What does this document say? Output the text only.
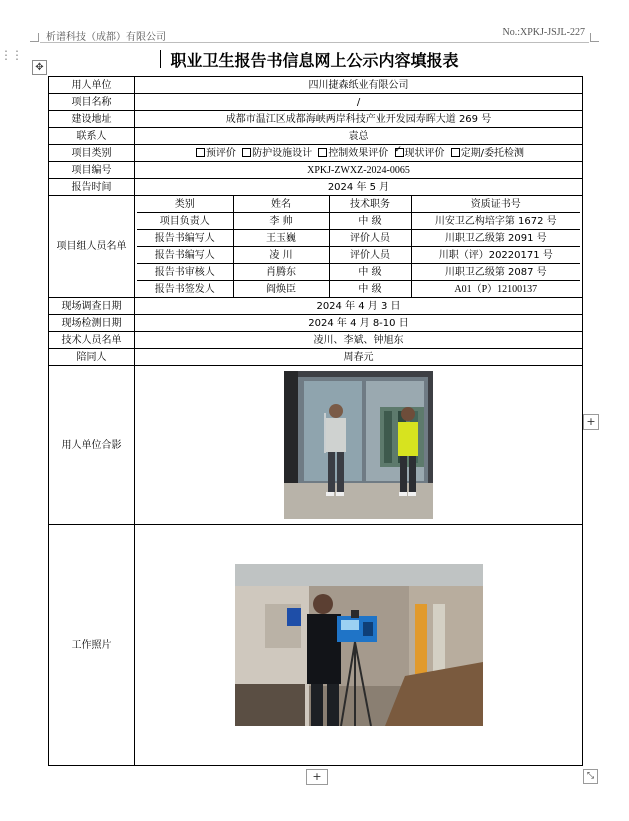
析谱科技（成都）有限公司	No.:XPKJ-JSJL-227
⋮⋮
✥	职业卫生报告书信息网上公示内容填报表
用人单位	四川捷森纸业有限公司
项目名称	/
建设地址	成都市温江区成都海峡两岸科技产业开发园寿晖大道 269 号
联系人	袁总
项目类别	预评价 防护设施设计 控制效果评价 ✓ 现状评价 定期/委托检测
项目编号	XPKJ-ZWXZ-2024-0065
报告时间	2024 年 5 月
项目组人员名单	
类别	姓名	技术职务	资质证书号
项目负责人	李 帅	中 级	川安卫乙构培字第 1672 号
报告书编写人	王玉巍	评价人员	川职卫乙级第 2091 号
报告书编写人	凌 川	评价人员	川职（评）20220171 号
报告书审核人	肖腾东	中 级	川职卫乙级第 2087 号
报告书签发人	阎焕臣	中 级	A01（P）12100137

现场调查日期	2024 年 4 月 3 日
现场检测日期	2024 年 4 月 8-10 日
技术人员名单	凌川、李斌、钟旭东
陪同人	周春元
用人单位合影	

工作照片	
+
+	⤡
